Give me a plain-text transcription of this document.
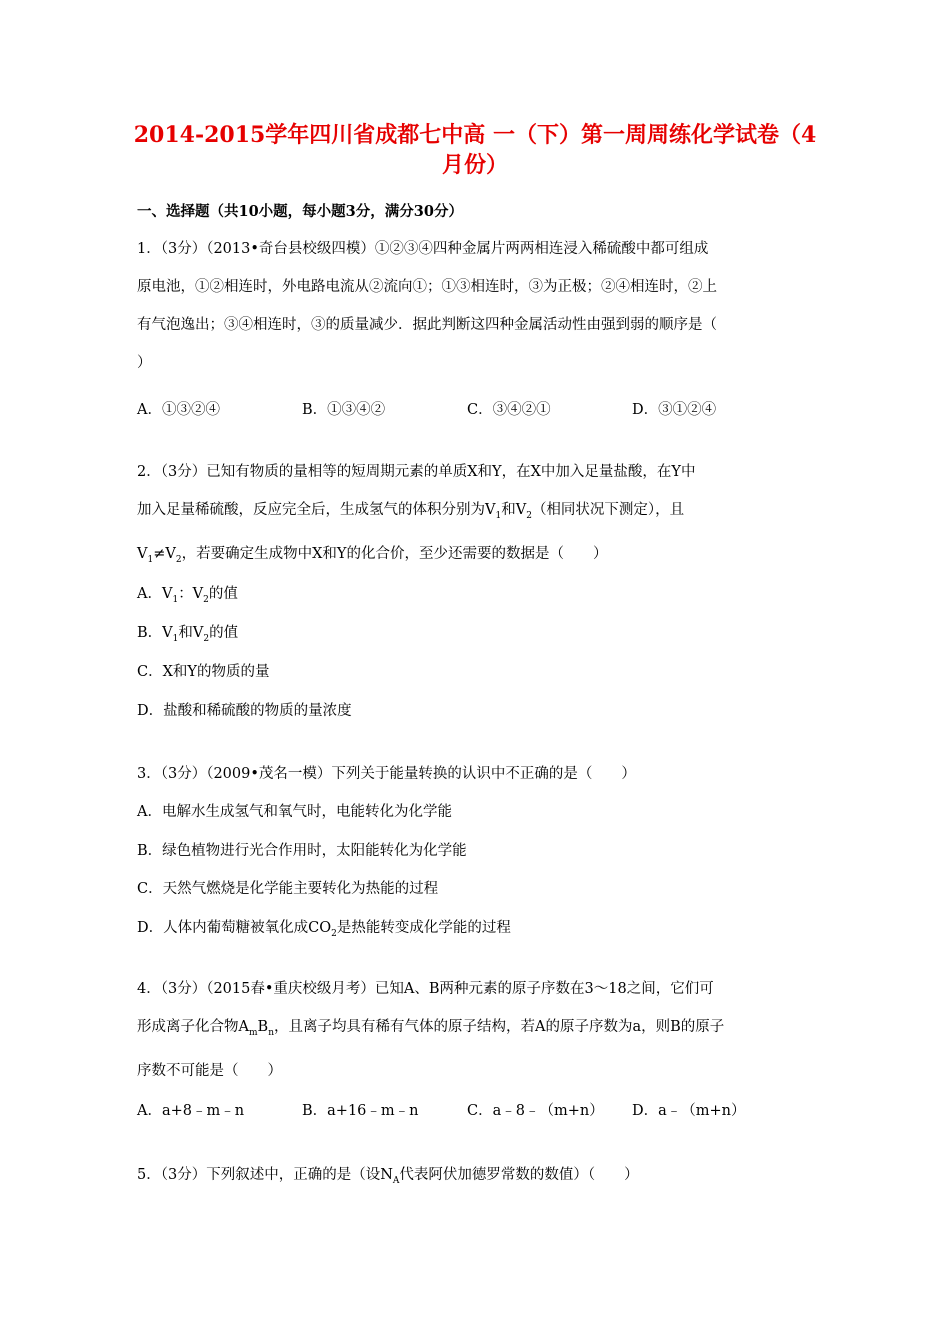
2014-2015学年四川省成都七中高 一（下）第一周周练化学试卷（4
月份）
一、选择题（共10小题，每小题3分，满分30分）

1．（3分）（2013•奇台县校级四模）①②③④四种金属片两两相连浸入稀硫酸中都可组成

原电池，①②相连时，外电路电流从②流向①；①③相连时，③为正极；②④相连时，②上

有气泡逸出；③④相连时，③的质量减少．据此判断这四种金属活动性由强到弱的顺序是（

）

A．①③②④	B．①③④②	C．③④②①	D．③①②④

2．（3分）已知有物质的量相等的短周期元素的单质X和Y，在X中加入足量盐酸，在Y中

加入足量稀硫酸，反应完全后，生成氢气的体积分别为$V_1$和$V_2$（相同状况下测定），且

$V_1\ne V_2$，若要确定生成物中X和Y的化合价，至少还需要的数据是（　　）

A．$V_1$：$V_2$的值
B．$V_1$和$V_2$的值
C．X和Y的物质的量
D．盐酸和稀硫酸的物质的量浓度
3．（3分）（2009•茂名一模）下列关于能量转换的认识中不正确的是（　　）
A．电解水生成氢气和氧气时，电能转化为化学能
B．绿色植物进行光合作用时，太阳能转化为化学能
C．天然气燃烧是化学能主要转化为热能的过程
D．人体内葡萄糖被氧化成$CO_2$是热能转变成化学能的过程

4．（3分）（2015春•重庆校级月考）已知A、B两种元素的原子序数在3～18之间，它们可

形成离子化合物$A_mB_n$，且离子均具有稀有气体的原子结构，若A的原子序数为a，则B的原子

序数不可能是（　　）

A．a+8﹣m﹣n	B．a+16﹣m﹣n	C．a﹣8﹣（m+n）	D．a﹣（m+n）
5．（3分）下列叙述中，正确的是（设$N_A$代表阿伏加德罗常数的数值）（　　）
